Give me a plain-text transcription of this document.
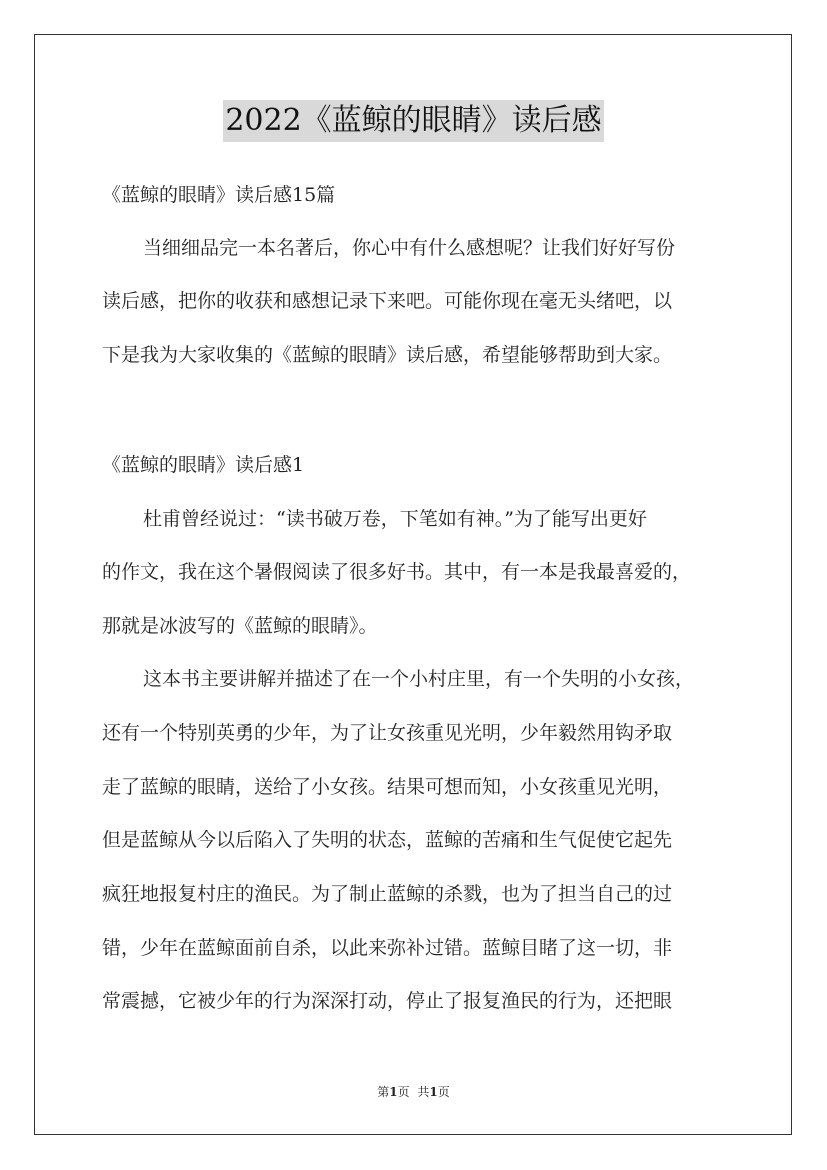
2022《蓝鲸的眼睛》读后感
《蓝鲸的眼睛》读后感15篇
当细细品完一本名著后，你心中有什么感想呢？让我们好好写份
读后感，把你的收获和感想记录下来吧。可能你现在毫无头绪吧，以
下是我为大家收集的《蓝鲸的眼睛》读后感，希望能够帮助到大家。
《蓝鲸的眼睛》读后感1
杜甫曾经说过：“读书破万卷，下笔如有神。”为了能写出更好
的作文，我在这个暑假阅读了很多好书。其中，有一本是我最喜爱的，
那就是冰波写的《蓝鲸的眼睛》。
这本书主要讲解并描述了在一个小村庄里，有一个失明的小女孩，
还有一个特别英勇的少年，为了让女孩重见光明，少年毅然用钩矛取
走了蓝鲸的眼睛，送给了小女孩。结果可想而知，小女孩重见光明，
但是蓝鲸从今以后陷入了失明的状态，蓝鲸的苦痛和生气促使它起先
疯狂地报复村庄的渔民。为了制止蓝鲸的杀戮，也为了担当自己的过
错，少年在蓝鲸面前自杀，以此来弥补过错。蓝鲸目睹了这一切，非
常震撼，它被少年的行为深深打动，停止了报复渔民的行为，还把眼
第1页 共1页
